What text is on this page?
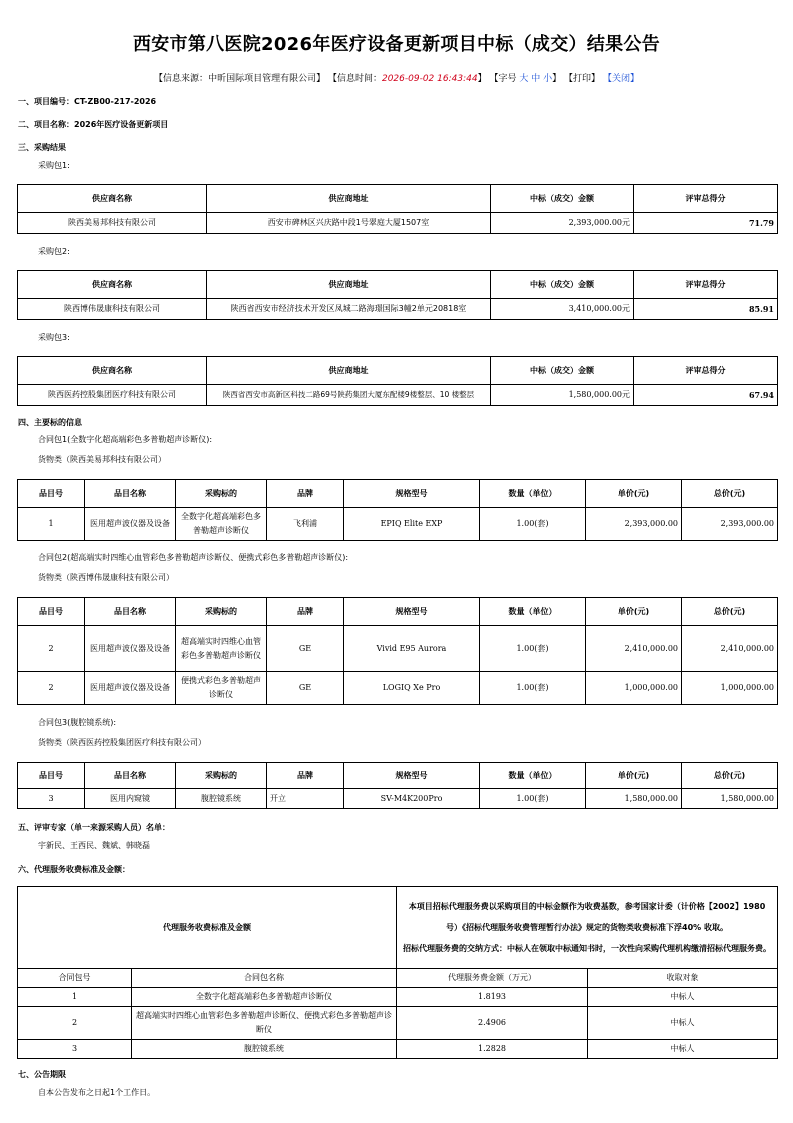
西安市第八医院2026年医疗设备更新项目中标（成交）结果公告
【信息来源：中昕国际项目管理有限公司】 【信息时间：2026-09-02 16:43:44】 【字号 大 中 小】 【打印】 【关闭】
一、项目编号：CT-ZB00-217-2026
二、项目名称：2026年医疗设备更新项目
三、采购结果
采购包1:
供应商名称	供应商地址	中标（成交）金额	评审总得分
陕西美易邦科技有限公司	西安市碑林区兴庆路中段1号翠庭大厦1507室	2,393,000.00元	71.79
采购包2:
供应商名称	供应商地址	中标（成交）金额	评审总得分
陕西博伟晟康科技有限公司	陕西省西安市经济技术开发区凤城二路海璟国际3幢2单元20818室	3,410,000.00元	85.91
采购包3:
供应商名称	供应商地址	中标（成交）金额	评审总得分
陕西医药控股集团医疗科技有限公司	陕西省西安市高新区科技二路69号陕药集团大厦东配楼9楼整层、10 楼整层	1,580,000.00元	67.94
四、主要标的信息
合同包1(全数字化超高端彩色多普勒超声诊断仪):
货物类（陕西美易邦科技有限公司）
品目号	品目名称	采购标的	品牌	规格型号	数量（单位）	单价(元)	总价(元)
1	医用超声波仪器及设备	全数字化超高端彩色多普勒超声诊断仪	飞利浦	EPIQ Elite EXP	1.00(套)	2,393,000.00	2,393,000.00
合同包2(超高端实时四维心血管彩色多普勒超声诊断仪、便携式彩色多普勒超声诊断仪):
货物类（陕西博伟晟康科技有限公司）
品目号	品目名称	采购标的	品牌	规格型号	数量（单位）	单价(元)	总价(元)
2	医用超声波仪器及设备	超高端实时四维心血管彩色多普勒超声诊断仪	GE	Vivid E95 Aurora	1.00(套)	2,410,000.00	2,410,000.00
2	医用超声波仪器及设备	便携式彩色多普勒超声诊断仪	GE	LOGIQ Xe Pro	1.00(套)	1,000,000.00	1,000,000.00
合同包3(腹腔镜系统):
货物类（陕西医药控股集团医疗科技有限公司）
品目号	品目名称	采购标的	品牌	规格型号	数量（单位）	单价(元)	总价(元)
3	医用内窥镜	腹腔镜系统	开立	SV-M4K200Pro	1.00(套)	1,580,000.00	1,580,000.00
五、评审专家（单一来源采购人员）名单：
宇新民、王西民、魏斌、韩晓磊
六、代理服务收费标准及金额：
代理服务收费标准及金额		本项目招标代理服务费以采购项目的中标金额作为收费基数，参考国家计委（计价格【2002】1980号）《招标代理服务收费管理暂行办法》规定的货物类收费标准下浮40% 收取。
招标代理服务费的交纳方式：中标人在领取中标通知书时，一次性向采购代理机构缴清招标代理服务费。	

合同包号	合同包名称	代理服务费金额（万元）	收取对象
1	全数字化超高端彩色多普勒超声诊断仪	1.8193	中标人
2	超高端实时四维心血管彩色多普勒超声诊断仪、便携式彩色多普勒超声诊断仪	2.4906	中标人
3	腹腔镜系统	1.2828	中标人
七、公告期限
自本公告发布之日起1个工作日。
